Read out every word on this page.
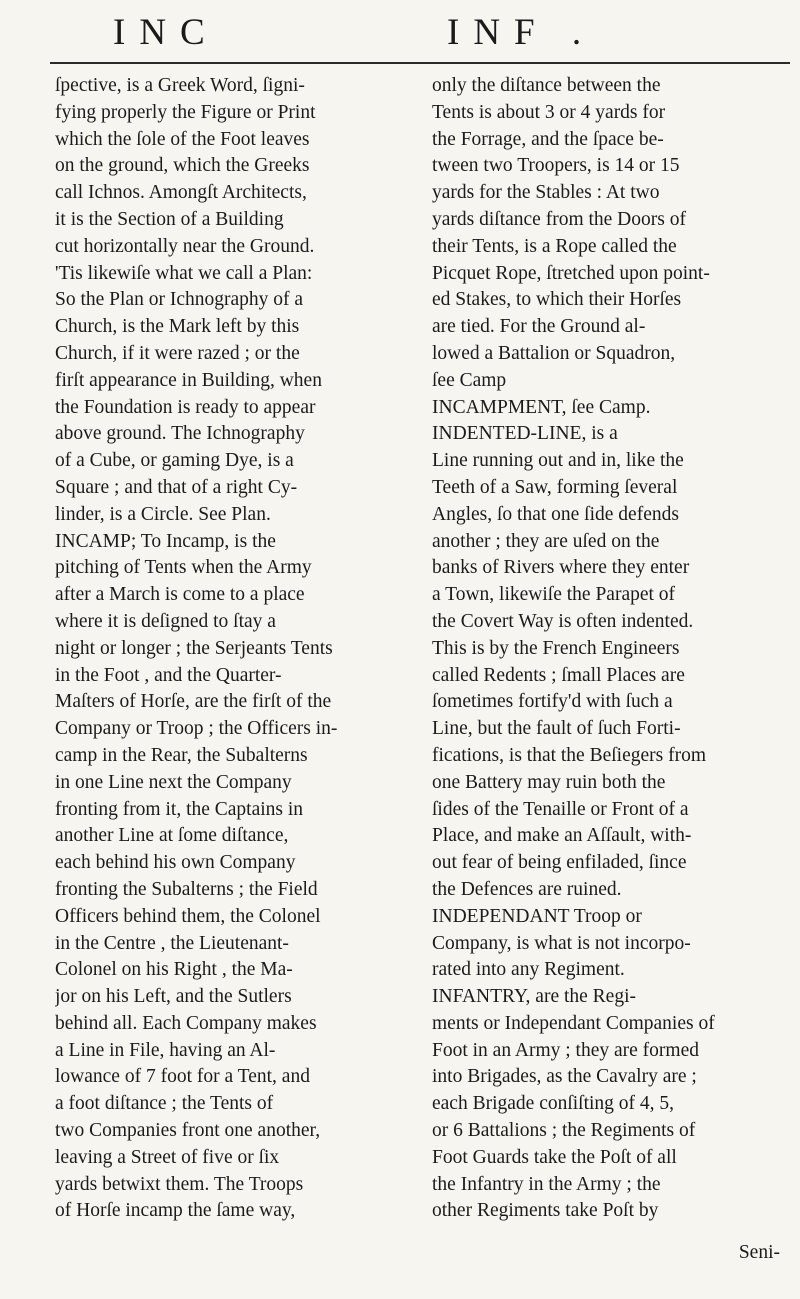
INC	INF .
ſpective, is a Greek Word, ſigni-
fying properly the Figure or Print
which the ſole of the Foot leaves
on the ground, which the Greeks
call Ichnos. Amongſt Architects,
it is the Section of a Building
cut horizontally near the Ground.
'Tis likewiſe what we call a Plan:
So the Plan or Ichnography of a
Church, is the Mark left by this
Church, if it were razed ; or the
firſt appearance in Building, when
the Foundation is ready to appear
above ground. The Ichnography
of a Cube, or gaming Dye, is a
Square ; and that of a right Cy-
linder, is a Circle. See Plan.
INCAMP; To Incamp, is the
pitching of Tents when the Army
after a March is come to a place
where it is deſigned to ſtay a
night or longer ; the Serjeants Tents
in the Foot , and the Quarter-
Maſters of Horſe, are the firſt of the
Company or Troop ; the Officers in-
camp in the Rear, the Subalterns
in one Line next the Company
fronting from it, the Captains in
another Line at ſome diſtance,
each behind his own Company
fronting the Subalterns ; the Field
Officers behind them, the Colonel
in the Centre , the Lieutenant-
Colonel on his Right , the Ma-
jor on his Left, and the Sutlers
behind all. Each Company makes
a Line in File, having an Al-
lowance of 7 foot for a Tent, and
a foot diſtance ; the Tents of
two Companies front one another,
leaving a Street of five or ſix
yards betwixt them. The Troops
of Horſe incamp the ſame way,
only the diſtance between the
Tents is about 3 or 4 yards for
the Forrage, and the ſpace be-
tween two Troopers, is 14 or 15
yards for the Stables : At two
yards diſtance from the Doors of
their Tents, is a Rope called the
Picquet Rope, ſtretched upon point-
ed Stakes, to which their Horſes
are tied. For the Ground al-
lowed a Battalion or Squadron,
ſee Camp
INCAMPMENT, ſee Camp.
INDENTED-LINE, is a
Line running out and in, like the
Teeth of a Saw, forming ſeveral
Angles, ſo that one ſide defends
another ; they are uſed on the
banks of Rivers where they enter
a Town, likewiſe the Parapet of
the Covert Way is often indented.
This is by the French Engineers
called Redents ; ſmall Places are
ſometimes fortify'd with ſuch a
Line, but the fault of ſuch Forti-
fications, is that the Beſiegers from
one Battery may ruin both the
ſides of the Tenaille or Front of a
Place, and make an Aſſault, with-
out fear of being enfiladed, ſince
the Defences are ruined.
INDEPENDANT Troop or
Company, is what is not incorpo-
rated into any Regiment.
INFANTRY, are the Regi-
ments or Independant Companies of
Foot in an Army ; they are formed
into Brigades, as the Cavalry are ;
each Brigade conſiſting of 4, 5,
or 6 Battalions ; the Regiments of
Foot Guards take the Poſt of all
the Infantry in the Army ; the
other Regiments take Poſt by
Seni-
